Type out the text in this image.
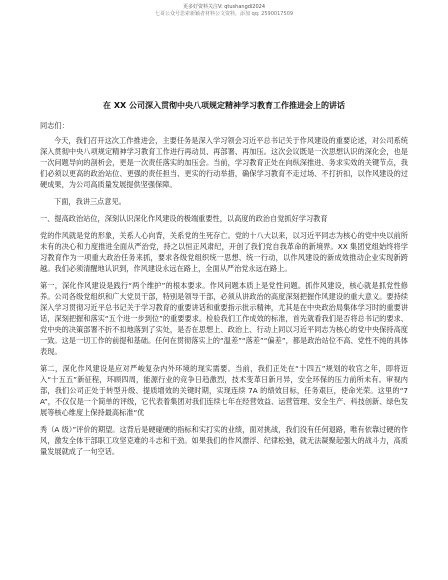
更多好资料关注V: qtushangdi2024
七哥公众号思索新颖者材料公文资料，添加 qq: 2590017509
在 XX 公司深入贯彻中央八项规定精神学习教育工作推进会上的讲话
同志们：

今天，我们召开这次工作推进会，主要任务是深入学习领会习近平总书记关于作风建设的重要论述，对公司系统深入贯彻中央八项规定精神学习教育工作进行再动员、再部署、再加压。这次会议既是一次思想认识的深化会，也是一次问题导向的剖析会，更是一次责任落实的加压会。当前，学习教育正处在向纵深推进、务求实效的关键节点，我们必须以更高的政治站位、更强的责任担当、更实的行动举措，确保学习教育不走过场、不打折扣，以作风建设的过硬成果，为公司高质量发展提供坚强保障。

下面，我讲三点意见。

一、提高政治站位，深刻认识深化作风建设的极端重要性，以高度的政治自觉抓好学习教育

党的作风就是党的形象，关系人心向背，关系党的生死存亡。党的十八大以来，以习近平同志为核心的党中央以前所未有的决心和力度推进全面从严治党，持之以恒正风肃纪，开创了我们党自我革命的新境界。XX 集团党组始终将学习教育作为一项重大政治任务来抓，要求各级党组织统一思想、统一行动，以作风建设的新成效推动企业实现新跨越。我们必须清醒地认识到，作风建设永远在路上，全面从严治党永远在路上。

第一，深化作风建设是践行“两个维护”的根本要求。作风问题本质上是党性问题。抓作风建设，核心就是抓党性修养。公司各级党组织和广大党员干部，特别是领导干部，必须从讲政治的高度深刻把握作风建设的重大意义。要持续深入学习贯彻习近平总书记关于学习教育的重要讲话和重要指示批示精神，尤其是在中央政治局集体学习时的重要讲话，深刻把握和落实“五个进一步到位”的重要要求。检验我们工作成效的标准，首先就看我们是否将总书记的要求、党中央的决策部署不折不扣地落到了实处，是否在思想上、政治上、行动上同以习近平同志为核心的党中央保持高度一致。这是一切工作的前提和基础。任何在贯彻落实上的“温差”“落差”“偏差”，都是政治站位不高、党性不纯的具体表现。

第二，深化作风建设是应对严峻复杂内外环境的现实需要。当前，我们正处在“十四五”规划的收官之年，即将迈入“十五五”新征程，环顾四周，能源行业的竞争日趋激烈，技术变革日新月异，安全环保的压力前所未有。审视内部，我们公司正处于转型升级、提质增效的关键时期，实现连续 7A 的绩效目标，任务艰巨，使命光荣。这里的“7A”，不仅仅是一个简单的评级，它代表着集团对我们连续七年在经营效益、运营管理、安全生产、科技创新、绿色发展等核心维度上保持最高标准“优

秀（A 级）”评价的期望。这背后是硬碰硬的指标和实打实的业绩，面对挑战，我们没有任何退路，唯有依靠过硬的作风，激发全体干部职工攻坚克难的斗志和干劲。如果我们的作风漂浮、纪律松弛，就无法凝聚起强大的战斗力，高质量发展就成了一句空话。
